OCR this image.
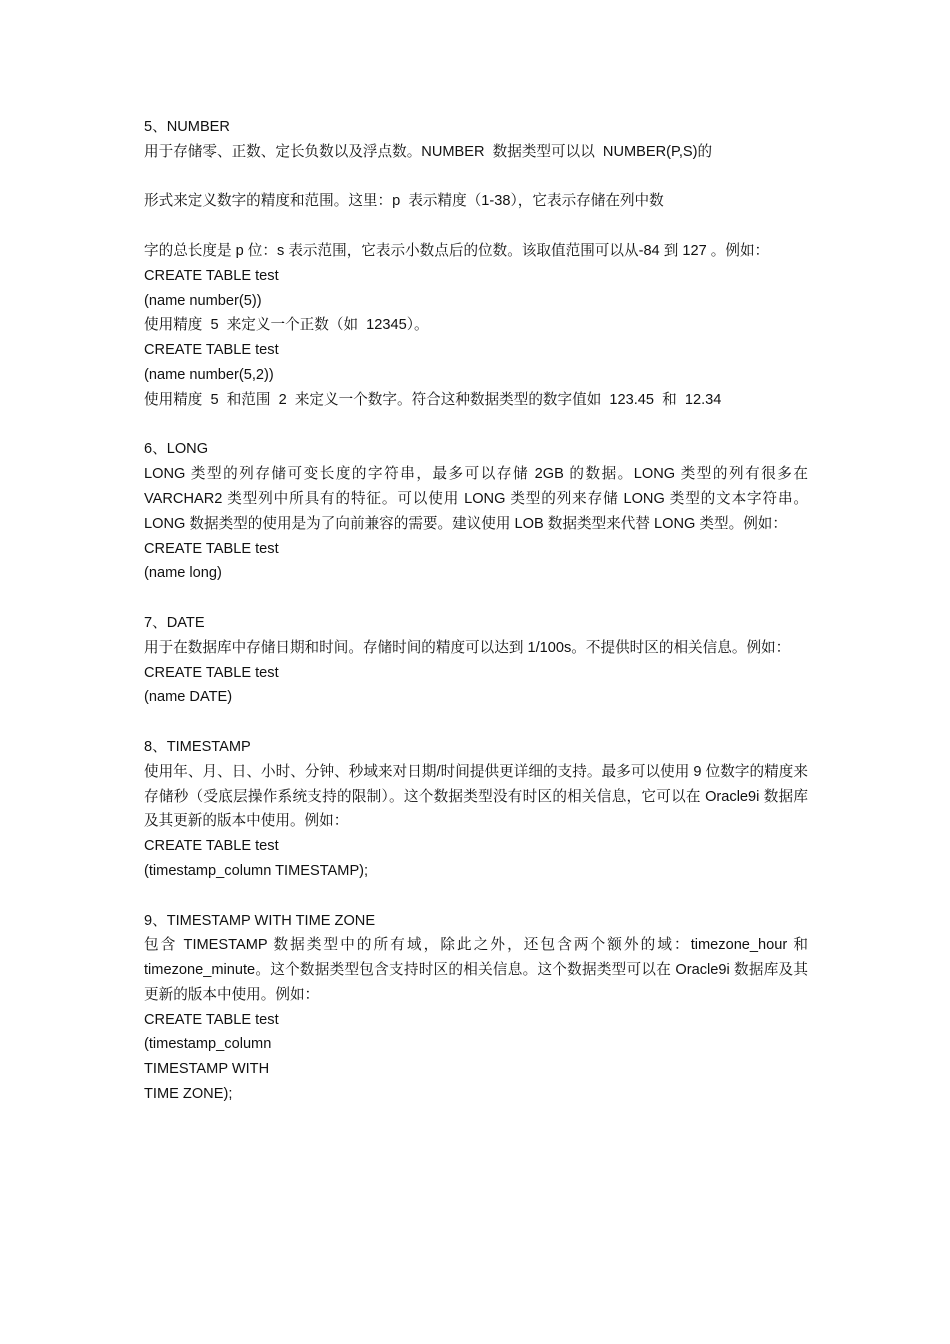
5、NUMBER
用于存储零、正数、定长负数以及浮点数。NUMBER  数据类型可以以  NUMBER(P,S)的
形式来定义数字的精度和范围。这里：p  表示精度（1-38），它表示存储在列中数
字的总长度是 p 位：s 表示范围，它表示小数点后的位数。该取值范围可以从-84 到 127 。例如：
CREATE TABLE test
(name number(5))
使用精度  5  来定义一个正数（如  12345）。
CREATE TABLE test
(name number(5,2))
使用精度  5  和范围  2  来定义一个数字。符合这种数据类型的数字值如  123.45  和  12.34
6、LONG
LONG 类型的列存储可变长度的字符串，最多可以存储 2GB 的数据。LONG 类型的列有很多在 VARCHAR2 类型列中所具有的特征。可以使用 LONG 类型的列来存储 LONG 类型的文本字符串。LONG 数据类型的使用是为了向前兼容的需要。建议使用 LOB 数据类型来代替 LONG 类型。例如：
CREATE TABLE test
(name long)
7、DATE
用于在数据库中存储日期和时间。存储时间的精度可以达到 1/100s。不提供时区的相关信息。例如：
CREATE TABLE test
(name DATE)
8、TIMESTAMP
使用年、月、日、小时、分钟、秒域来对日期/时间提供更详细的支持。最多可以使用 9 位数字的精度来存储秒（受底层操作系统支持的限制）。这个数据类型没有时区的相关信息，它可以在 Oracle9i 数据库及其更新的版本中使用。例如：
CREATE TABLE test
(timestamp_column TIMESTAMP);
9、TIMESTAMP WITH TIME ZONE
包含 TIMESTAMP 数据类型中的所有域，除此之外，还包含两个额外的域：timezone_hour 和timezone_minute。这个数据类型包含支持时区的相关信息。这个数据类型可以在 Oracle9i 数据库及其更新的版本中使用。例如：
CREATE TABLE test
(timestamp_column
TIMESTAMP WITH
TIME ZONE);
